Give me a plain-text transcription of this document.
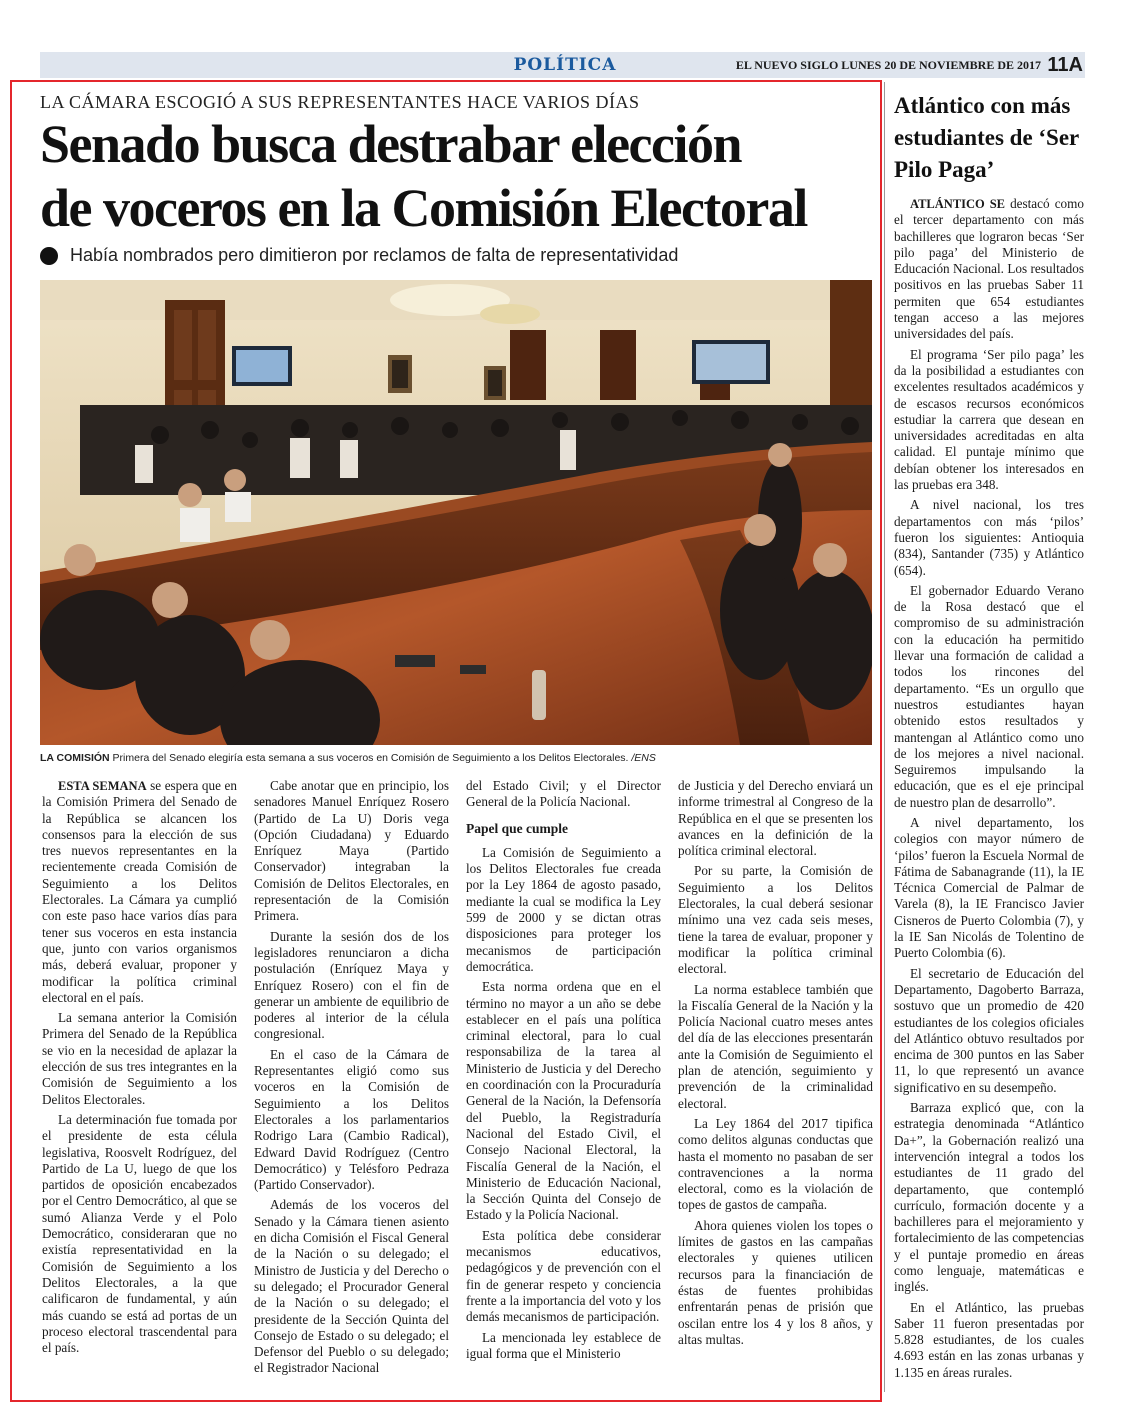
POLÍTICA	EL NUEVO SIGLO LUNES 20 DE NOVIEMBRE DE 2017 11A
LA CÁMARA ESCOGIÓ A SUS REPRESENTANTES HACE VARIOS DÍAS
Senado busca destrabar elección
de voceros en la Comisión Electoral
Había nombrados pero dimitieron por reclamos de falta de representatividad
LA COMISIÓN Primera del Senado elegiría esta semana a sus voceros en Comisión de Seguimiento a los Delitos Electorales. /ENS

ESTA SEMANA se espera que en la Comisión Primera del Senado de la República se alcancen los consensos para la elección de sus tres nuevos representantes en la recientemente creada Comisión de Seguimiento a los Delitos Electorales. La Cámara ya cumplió con este paso hace varios días para tener sus voceros en esta instancia que, junto con varios organismos más, deberá evaluar, proponer y modificar la política criminal electoral en el país.

La semana anterior la Comisión Primera del Senado de la República se vio en la necesidad de aplazar la elección de sus tres integrantes en la Comisión de Seguimiento a los Delitos Electorales.

La determinación fue tomada por el presidente de esta célula legislativa, Roosvelt Rodríguez, del Partido de La U, luego de que los partidos de oposición encabezados por el Centro Democrático, al que se sumó Alianza Verde y el Polo Democrático, consideraran que no existía representatividad en la Comisión de Seguimiento a los Delitos Electorales, a la que calificaron de fundamental, y aún más cuando se está ad portas de un proceso electoral trascendental para el país.

Cabe anotar que en principio, los senadores Manuel Enríquez Rosero (Partido de La U) Doris vega (Opción Ciudadana) y Eduardo Enríquez Maya (Partido Conservador) integraban la Comisión de Delitos Electorales, en representación de la Comisión Primera.

Durante la sesión dos de los legisladores renunciaron a dicha postulación (Enríquez Maya y Enríquez Rosero) con el fin de generar un ambiente de equilibrio de poderes al interior de la célula congresional.

En el caso de la Cámara de Representantes eligió como sus voceros en la Comisión de Seguimiento a los Delitos Electorales a los parlamentarios Rodrigo Lara (Cambio Radical), Edward David Rodríguez (Centro Democrático) y Telésforo Pedraza (Partido Conservador).

Además de los voceros del Senado y la Cámara tienen asiento en dicha Comisión el Fiscal General de la Nación o su delegado; el Ministro de Justicia y del Derecho o su delegado; el Procurador General de la Nación o su delegado; el presidente de la Sección Quinta del Consejo de Estado o su delegado; el Defensor del Pueblo o su delegado; el Registrador Nacional

del Estado Civil; y el Director General de la Policía Nacional.

Papel que cumple

La Comisión de Seguimiento a los Delitos Electorales fue creada por la Ley 1864 de agosto pasado, mediante la cual se modifica la Ley 599 de 2000 y se dictan otras disposiciones para proteger los mecanismos de participación democrática.

Esta norma ordena que en el término no mayor a un año se debe establecer en el país una política criminal electoral, para lo cual responsabiliza de la tarea al Ministerio de Justicia y del Derecho en coordinación con la Procuraduría General de la Nación, la Defensoría del Pueblo, la Registraduría Nacional del Estado Civil, el Consejo Nacional Electoral, la Fiscalía General de la Nación, el Ministerio de Educación Nacional, la Sección Quinta del Consejo de Estado y la Policía Nacional.

Esta política debe considerar mecanismos educativos, pedagógicos y de prevención con el fin de generar respeto y conciencia frente a la importancia del voto y los demás mecanismos de participación.

La mencionada ley establece de igual forma que el Ministerio

de Justicia y del Derecho enviará un informe trimestral al Congreso de la República en el que se presenten los avances en la definición de la política criminal electoral.

Por su parte, la Comisión de Seguimiento a los Delitos Electorales, la cual deberá sesionar mínimo una vez cada seis meses, tiene la tarea de evaluar, proponer y modificar la política criminal electoral.

La norma establece también que la Fiscalía General de la Nación y la Policía Nacional cuatro meses antes del día de las elecciones presentarán ante la Comisión de Seguimiento el plan de atención, seguimiento y prevención de la criminalidad electoral.

La Ley 1864 del 2017 tipifica como delitos algunas conductas que hasta el momento no pasaban de ser contravenciones a la norma electoral, como es la violación de topes de gastos de campaña.

Ahora quienes violen los topes o límites de gastos en las campañas electorales y quienes utilicen recursos para la financiación de éstas de fuentes prohibidas enfrentarán penas de prisión que oscilan entre los 4 y los 8 años, y altas multas.

Atlántico con más estudiantes de ‘Ser Pilo Paga’

ATLÁNTICO SE destacó como el tercer departamento con más bachilleres que lograron becas ‘Ser pilo paga’ del Ministerio de Educación Nacional. Los resultados positivos en las pruebas Saber 11 permiten que 654 estudiantes tengan acceso a las mejores universidades del país.

El programa ‘Ser pilo paga’ les da la posibilidad a estudiantes con excelentes resultados académicos y de escasos recursos económicos estudiar la carrera que desean en universidades acreditadas en alta calidad. El puntaje mínimo que debían obtener los interesados en las pruebas era 348.

A nivel nacional, los tres departamentos con más ‘pilos’ fueron los siguientes: Antioquia (834), Santander (735) y Atlántico (654).

El gobernador Eduardo Verano de la Rosa destacó que el compromiso de su administración con la educación ha permitido llevar una formación de calidad a todos los rincones del departamento. “Es un orgullo que nuestros estudiantes hayan obtenido estos resultados y mantengan al Atlántico como uno de los mejores a nivel nacional. Seguiremos impulsando la educación, que es el eje principal de nuestro plan de desarrollo”.

A nivel departamento, los colegios con mayor número de ‘pilos’ fueron la Escuela Normal de Fátima de Sabanagrande (11), la IE Técnica Comercial de Palmar de Varela (8), la IE Francisco Javier Cisneros de Puerto Colombia (7), y la IE San Nicolás de Tolentino de Puerto Colombia (6).

El secretario de Educación del Departamento, Dagoberto Barraza, sostuvo que un promedio de 420 estudiantes de los colegios oficiales del Atlántico obtuvo resultados por encima de 300 puntos en las Saber 11, lo que representó un avance significativo en su desempeño.

Barraza explicó que, con la estrategia denominada “Atlántico Da+”, la Gobernación realizó una intervención integral a todos los estudiantes de 11 grado del departamento, que contempló currículo, formación docente y a bachilleres para el mejoramiento y fortalecimiento de las competencias y el puntaje promedio en áreas como lenguaje, matemáticas e inglés.

En el Atlántico, las pruebas Saber 11 fueron presentadas por 5.828 estudiantes, de los cuales 4.693 están en las zonas urbanas y 1.135 en áreas rurales.
